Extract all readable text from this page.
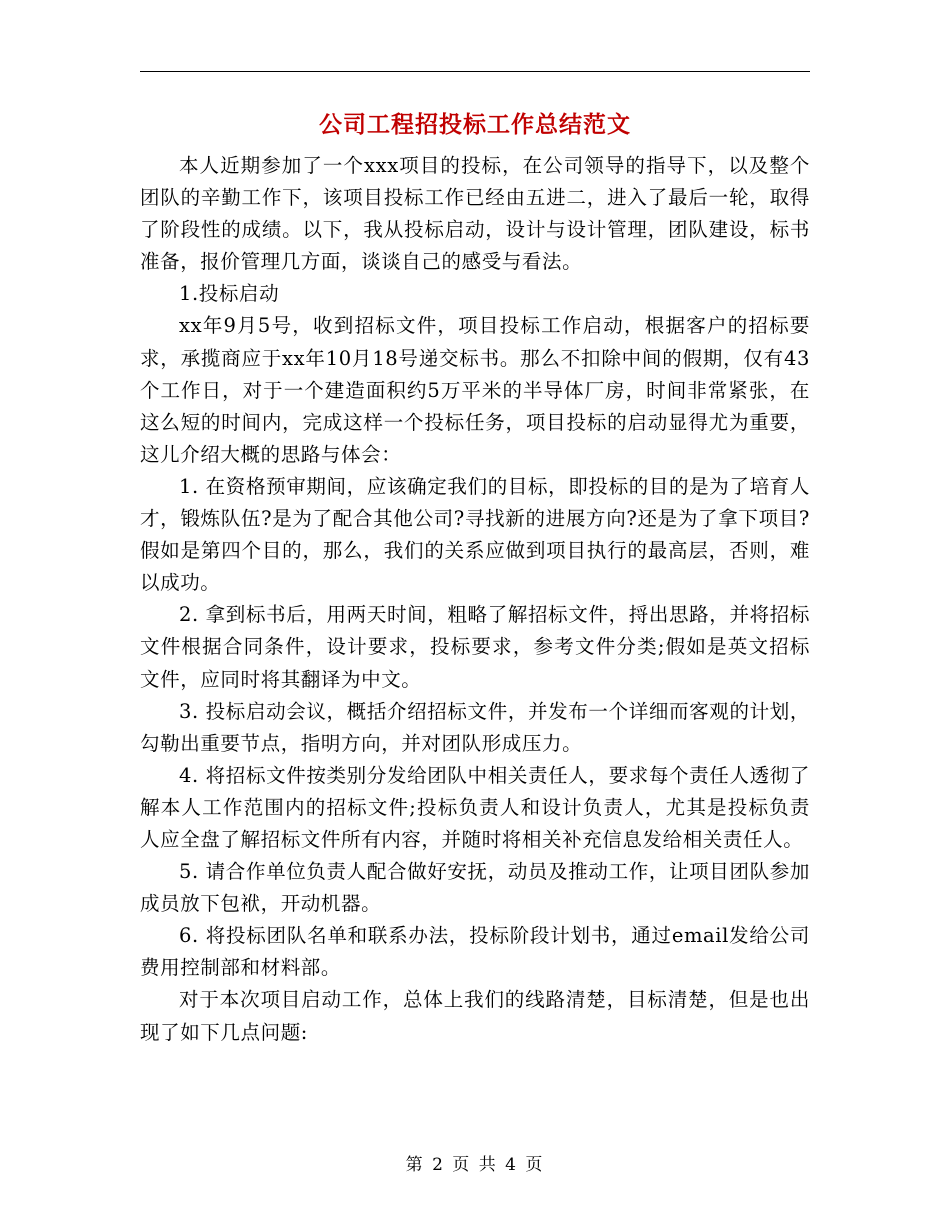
公司工程招投标工作总结范文

本人近期参加了一个xxx项目的投标，在公司领导的指导下，以及整个团队的辛勤工作下，该项目投标工作已经由五进二，进入了最后一轮，取得了阶段性的成绩。以下，我从投标启动，设计与设计管理，团队建设，标书准备，报价管理几方面，谈谈自己的感受与看法。

1.投标启动

xx年9月5号，收到招标文件，项目投标工作启动，根据客户的招标要求，承揽商应于xx年10月18号递交标书。那么不扣除中间的假期，仅有43个工作日，对于一个建造面积约5万平米的半导体厂房，时间非常紧张，在这么短的时间内，完成这样一个投标任务，项目投标的启动显得尤为重要，这儿介绍大概的思路与体会：

1. 在资格预审期间，应该确定我们的目标，即投标的目的是为了培育人才，锻炼队伍?是为了配合其他公司?寻找新的进展方向?还是为了拿下项目?假如是第四个目的，那么，我们的关系应做到项目执行的最高层，否则，难以成功。

2. 拿到标书后，用两天时间，粗略了解招标文件，捋出思路，并将招标文件根据合同条件，设计要求，投标要求，参考文件分类;假如是英文招标文件，应同时将其翻译为中文。

3. 投标启动会议，概括介绍招标文件，并发布一个详细而客观的计划，勾勒出重要节点，指明方向，并对团队形成压力。

4. 将招标文件按类别分发给团队中相关责任人，要求每个责任人透彻了解本人工作范围内的招标文件;投标负责人和设计负责人，尤其是投标负责人应全盘了解招标文件所有内容，并随时将相关补充信息发给相关责任人。

5. 请合作单位负责人配合做好安抚，动员及推动工作，让项目团队参加成员放下包袱，开动机器。

6. 将投标团队名单和联系办法，投标阶段计划书，通过email发给公司费用控制部和材料部。

对于本次项目启动工作，总体上我们的线路清楚，目标清楚，但是也出现了如下几点问题:

第 2 页 共 4 页
